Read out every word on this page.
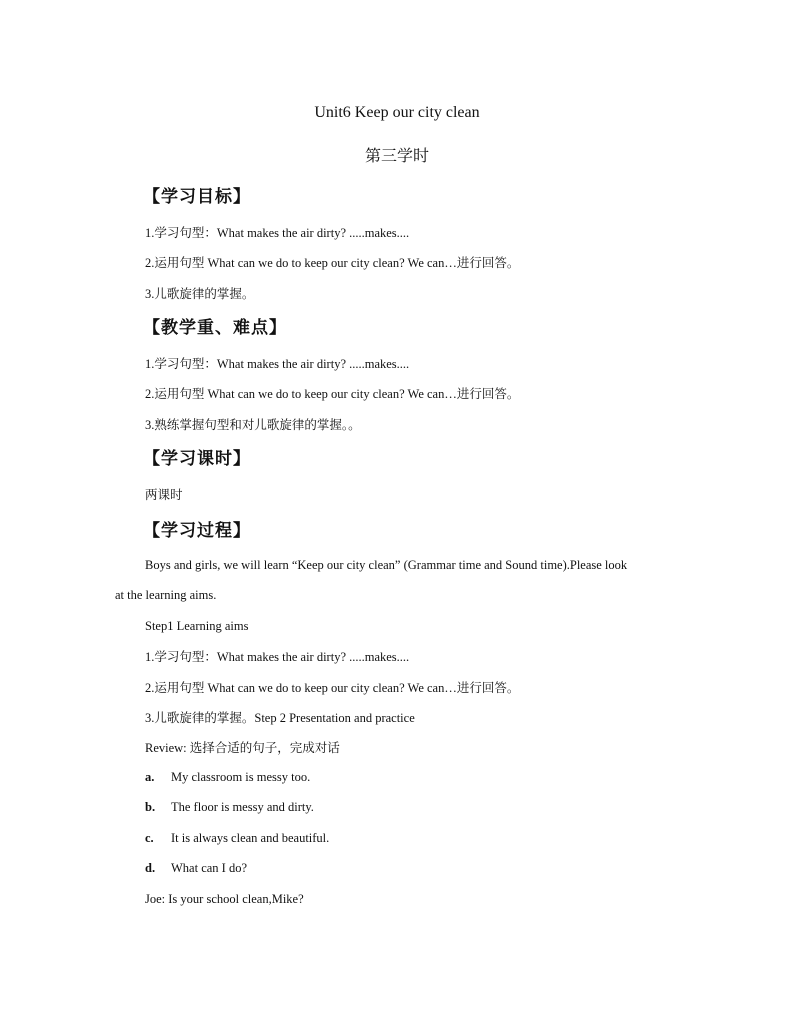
Unit6 Keep our city clean
第三学时
【学习目标】
1.学习句型：What makes the air dirty? .....makes....
2.运用句型 What can we do to keep our city clean? We can…进行回答。
3.儿歌旋律的掌握。
【教学重、难点】
1.学习句型：What makes the air dirty? .....makes....
2.运用句型 What can we do to keep our city clean? We can…进行回答。
3.熟练掌握句型和对儿歌旋律的掌握。。
【学习课时】
两课时
【学习过程】
Boys and girls, we will learn “Keep our city clean” (Grammar time and Sound time).Please look
at the learning aims.
Step1 Learning aims
1.学习句型：What makes the air dirty? .....makes....
2.运用句型 What can we do to keep our city clean? We can…进行回答。
3.儿歌旋律的掌握。Step 2 Presentation and practice
Review: 选择合适的句子，完成对话
a. My classroom is messy too.
b. The floor is messy and dirty.
c. It is always clean and beautiful.
d. What can I do?
Joe: Is your school clean,Mike?
